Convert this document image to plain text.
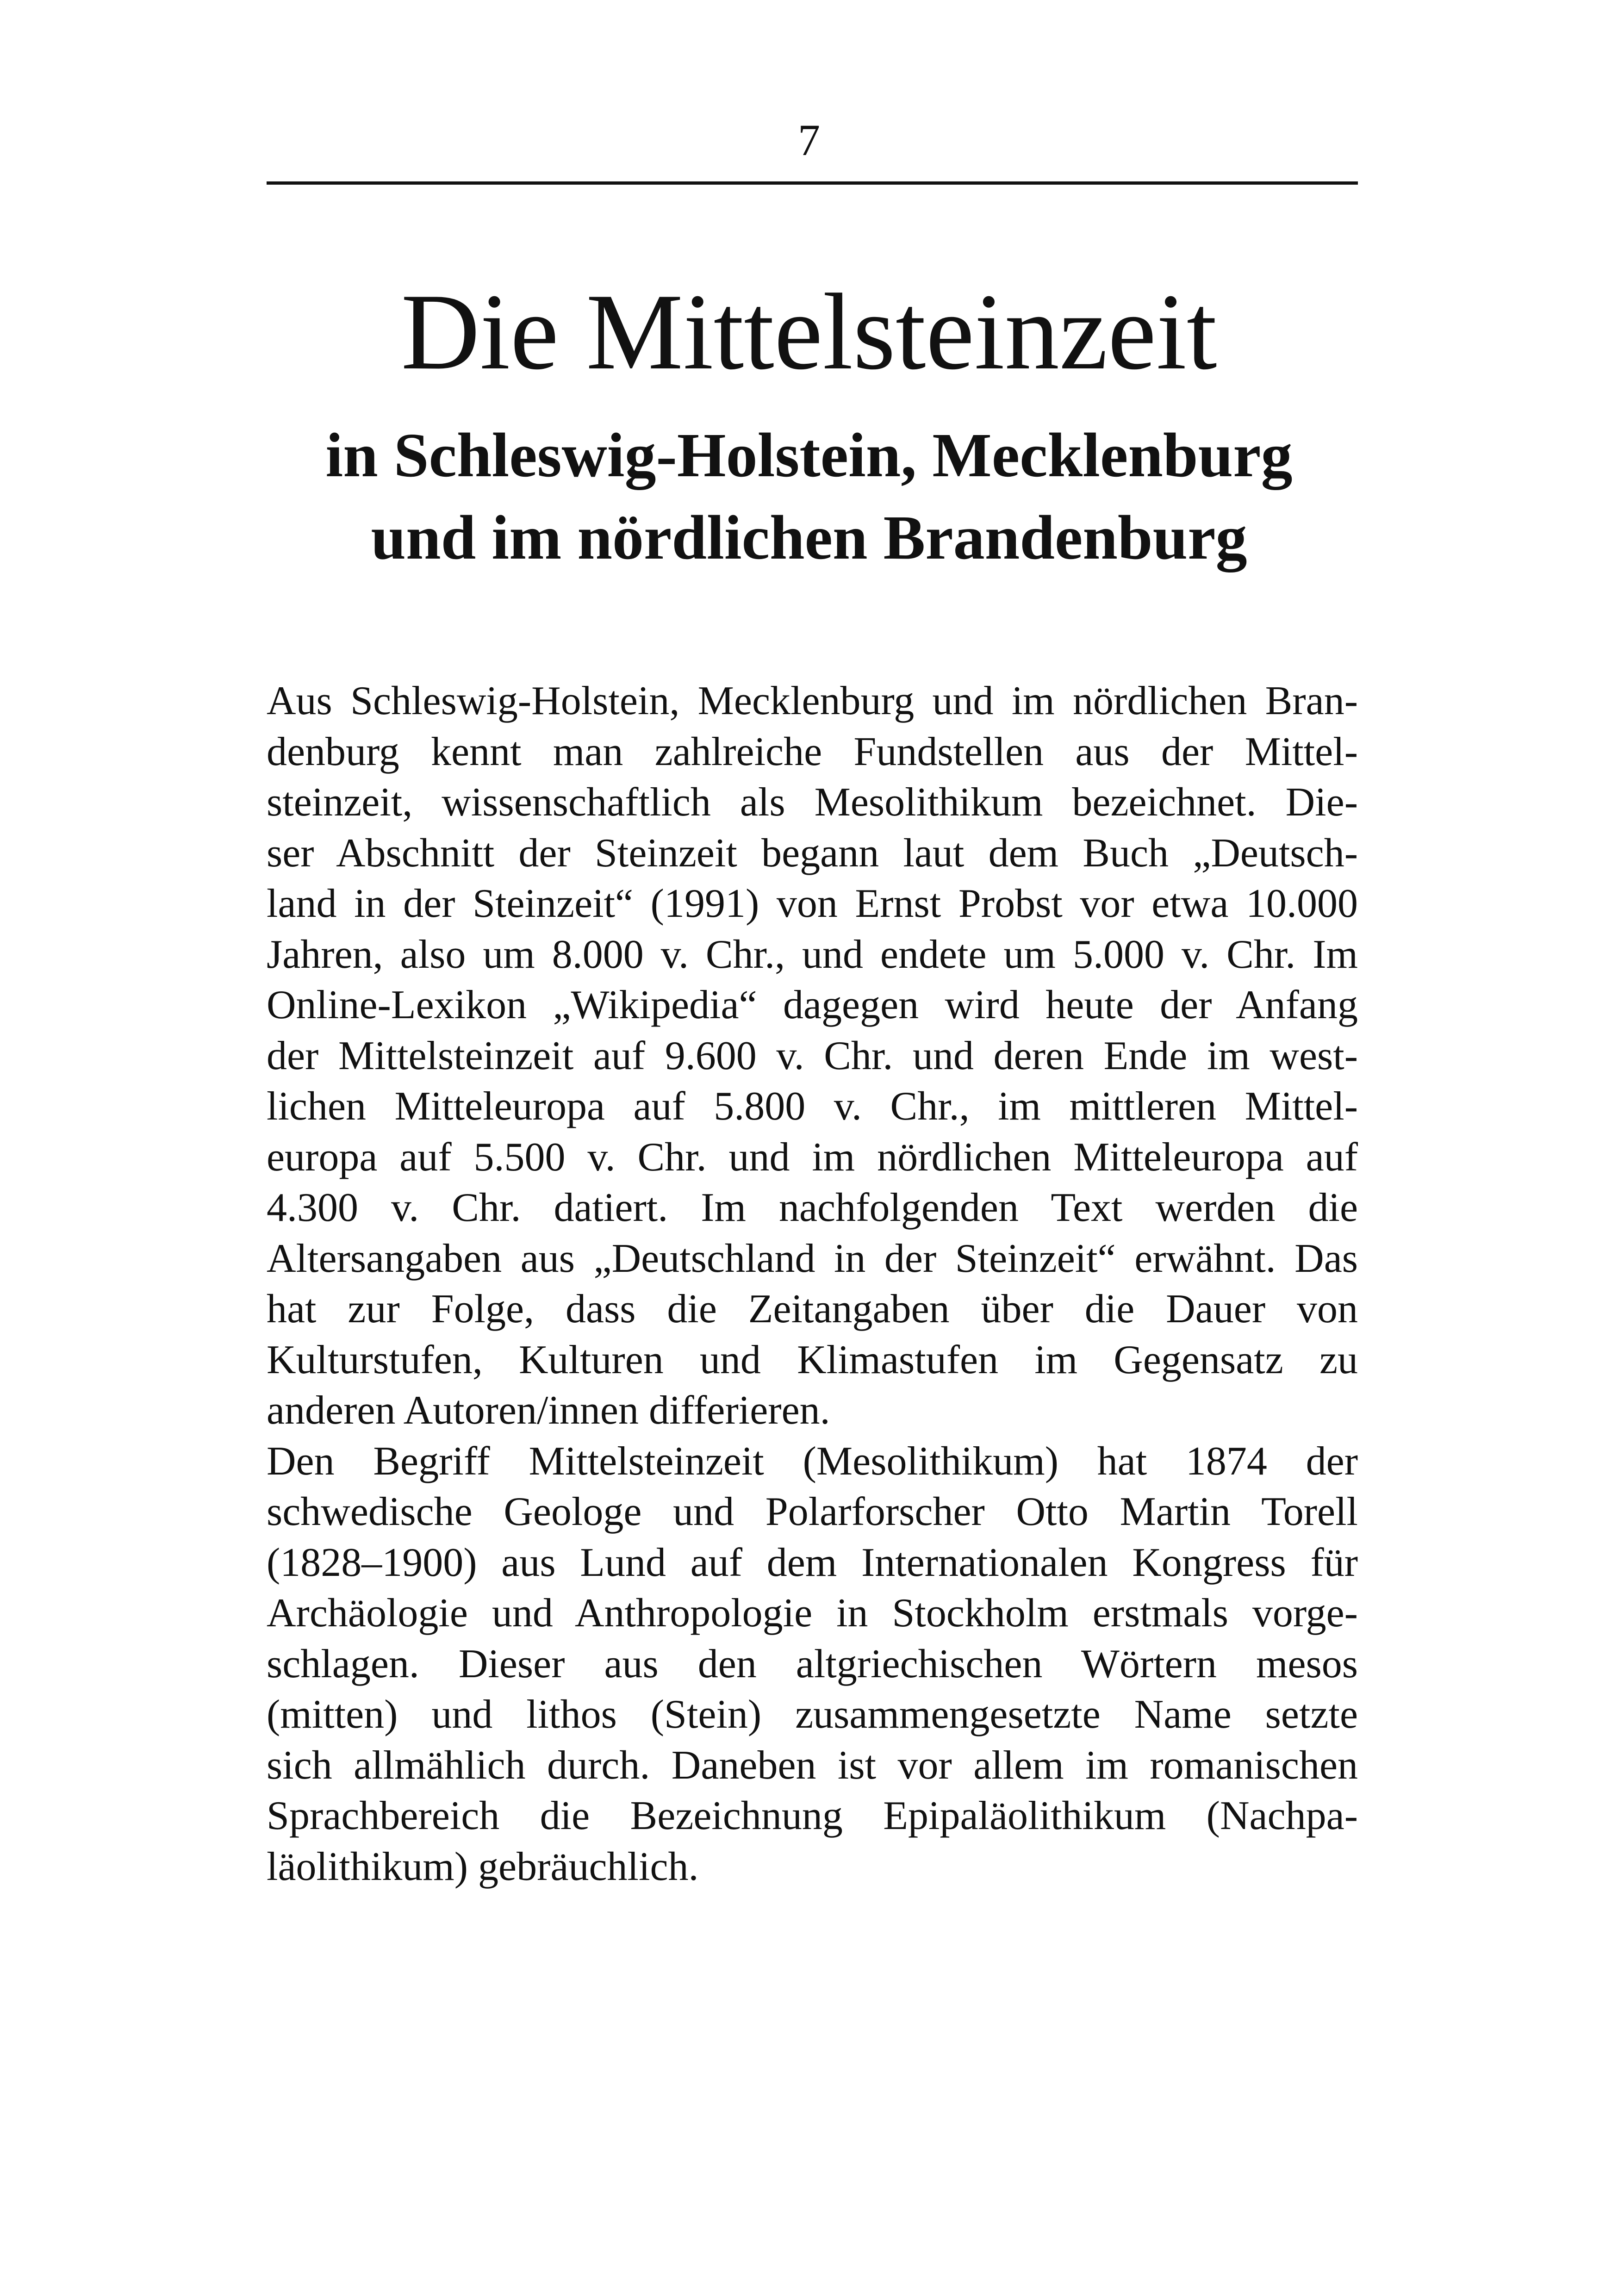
7
Die Mittelsteinzeit
in Schleswig-Holstein, Mecklenburg
und im nördlichen Brandenburg
Aus Schleswig-Holstein, Mecklenburg und im nördlichen Bran-
denburg kennt man zahlreiche Fundstellen aus der Mittel-
steinzeit, wissenschaftlich als Mesolithikum bezeichnet. Die-
ser Abschnitt der Steinzeit begann laut dem Buch „Deutsch-
land in der Steinzeit“ (1991) von Ernst Probst vor etwa 10.000
Jahren, also um 8.000 v. Chr., und endete um 5.000 v. Chr. Im
Online-Lexikon „Wikipedia“ dagegen wird heute der Anfang
der Mittelsteinzeit auf 9.600 v. Chr. und deren Ende im west-
lichen Mitteleuropa auf 5.800 v. Chr., im mittleren Mittel-
europa auf 5.500 v. Chr. und im nördlichen Mitteleuropa auf
4.300 v. Chr. datiert. Im nachfolgenden Text werden die
Altersangaben aus „Deutschland in der Steinzeit“ erwähnt. Das
hat zur Folge, dass die Zeitangaben über die Dauer von
Kulturstufen, Kulturen und Klimastufen im Gegensatz zu
anderen Autoren/innen differieren.
Den Begriff Mittelsteinzeit (Mesolithikum) hat 1874 der
schwedische Geologe und Polarforscher Otto Martin Torell
(1828–1900) aus Lund auf dem Internationalen Kongress für
Archäologie und Anthropologie in Stockholm erstmals vorge-
schlagen. Dieser aus den altgriechischen Wörtern mesos
(mitten) und lithos (Stein) zusammengesetzte Name setzte
sich allmählich durch. Daneben ist vor allem im romanischen
Sprachbereich die Bezeichnung Epipaläolithikum (Nachpa-
läolithikum) gebräuchlich.
